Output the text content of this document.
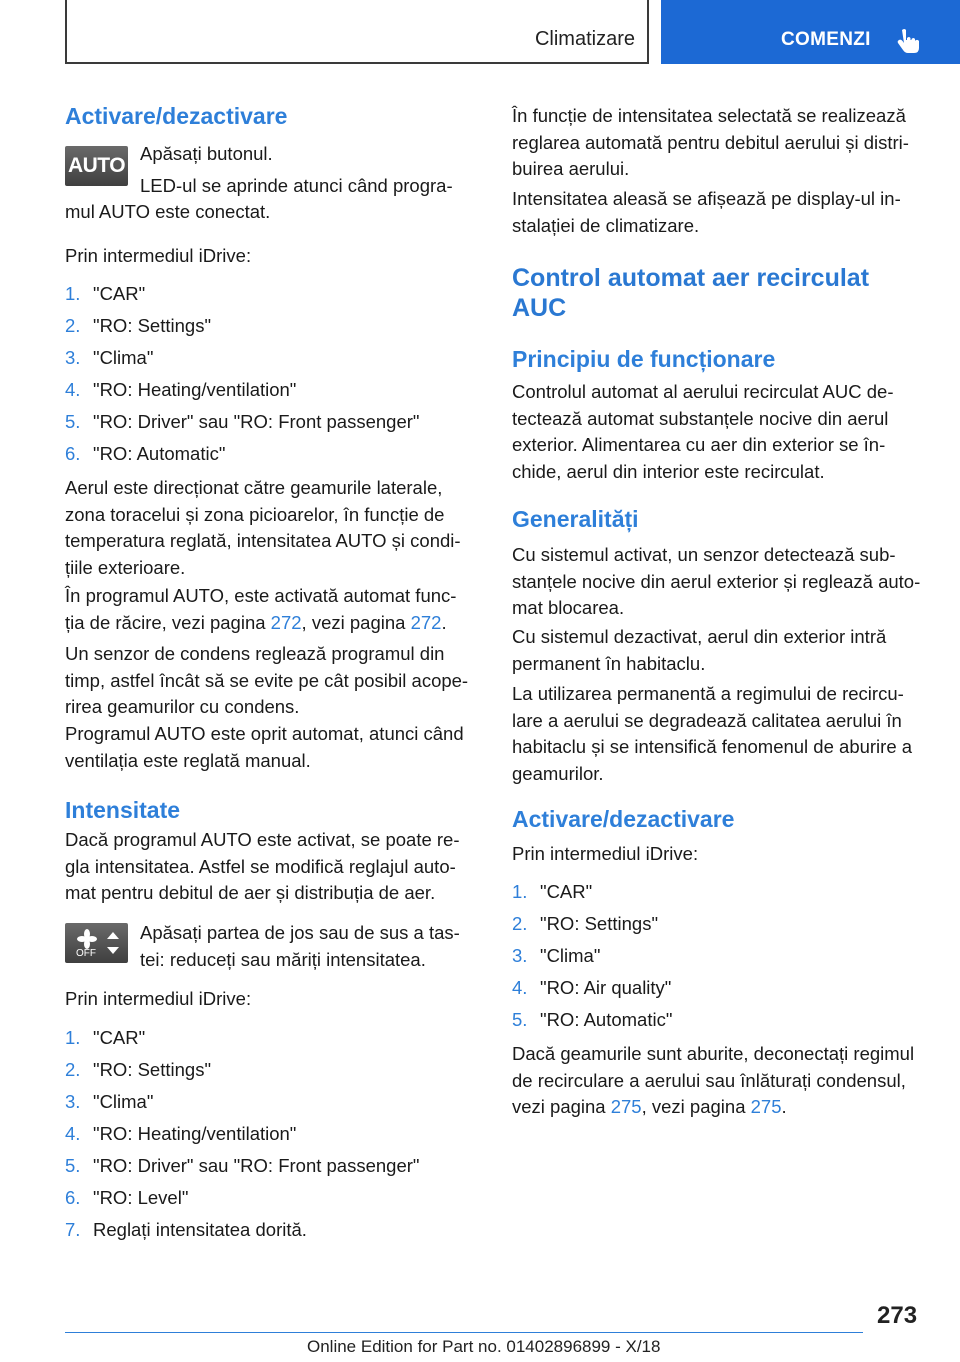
Climatizare	COMENZI
Activare/dezactivare
AUTO
Apăsați butonul.
LED-ul se aprinde atunci când progra‐
mul AUTO este conectat.
Prin intermediul iDrive:
1. "CAR"
2. "RO: Settings"
3. "Clima"
4. "RO: Heating/ventilation"
5. "RO: Driver" sau "RO: Front passenger"
6. "RO: Automatic"
Aerul este direcționat către geamurile laterale,
zona toracelui și zona picioarelor, în funcție de
temperatura reglată, intensitatea AUTO și condi‐
țiile exterioare.
În programul AUTO, este activată automat func‐
ția de răcire, vezi pagina 272, vezi pagina 272.
Un senzor de condens reglează programul din
timp, astfel încât să se evite pe cât posibil acope‐
rirea geamurilor cu condens.
Programul AUTO este oprit automat, atunci când
ventilația este reglată manual.
Intensitate
Dacă programul AUTO este activat, se poate re‐
gla intensitatea. Astfel se modifică reglajul auto‐
mat pentru debitul de aer și distribuția de aer.
OFF
Apăsați partea de jos sau de sus a tas‐
tei: reduceți sau măriți intensitatea.
Prin intermediul iDrive:
1. "CAR"
2. "RO: Settings"
3. "Clima"
4. "RO: Heating/ventilation"
5. "RO: Driver" sau "RO: Front passenger"
6. "RO: Level"
7. Reglați intensitatea dorită.
În funcție de intensitatea selectată se realizează
reglarea automată pentru debitul aerului și distri‐
buirea aerului.
Intensitatea aleasă se afișează pe display-ul in‐
stalației de climatizare.
Control automat aer recirculat
AUC
Principiu de funcționare
Controlul automat al aerului recirculat AUC de‐
tectează automat substanțele nocive din aerul
exterior. Alimentarea cu aer din exterior se în‐
chide, aerul din interior este recirculat.
Generalități
Cu sistemul activat, un senzor detectează sub‐
stanțele nocive din aerul exterior și reglează auto‐
mat blocarea.
Cu sistemul dezactivat, aerul din exterior intră
permanent în habitaclu.
La utilizarea permanentă a regimului de recircu‐
lare a aerului se degradează calitatea aerului în
habitaclu și se intensifică fenomenul de aburire a
geamurilor.
Activare/dezactivare
Prin intermediul iDrive:
1. "CAR"
2. "RO: Settings"
3. "Clima"
4. "RO: Air quality"
5. "RO: Automatic"
Dacă geamurile sunt aburite, deconectați regimul
de recirculare a aerului sau înlăturați condensul,
vezi pagina 275, vezi pagina 275.
273
Online Edition for Part no. 01402896899 - X/18
